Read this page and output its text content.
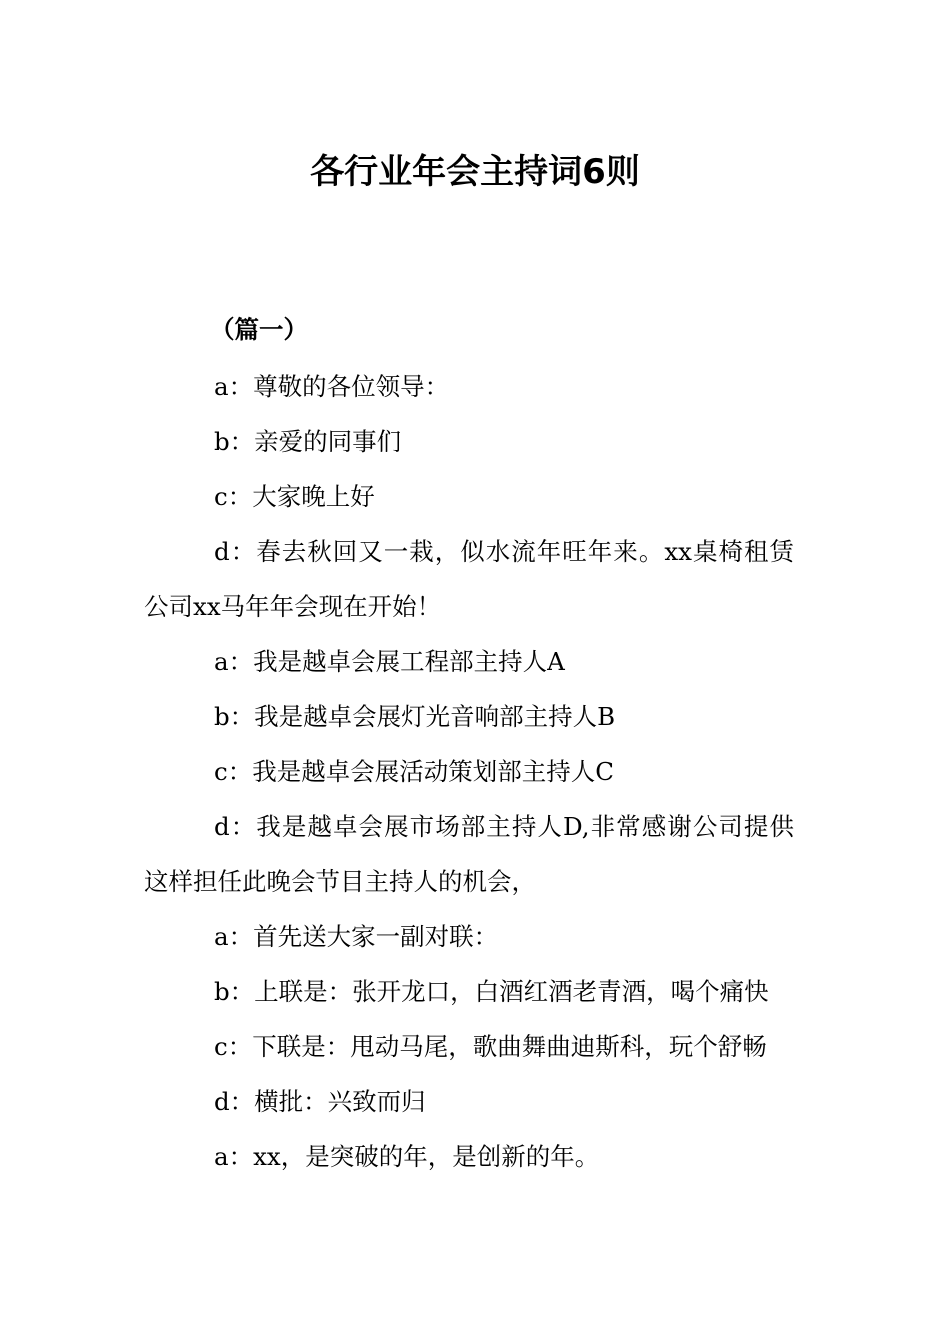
各行业年会主持词6则

（篇一）

a：尊敬的各位领导：

b：亲爱的同事们

c：大家晚上好

d：春去秋回又一栽，似水流年旺年来。xx桌椅租赁公司xx马年年会现在开始！

a：我是越卓会展工程部主持人A

b：我是越卓会展灯光音响部主持人B

c：我是越卓会展活动策划部主持人C

d：我是越卓会展市场部主持人D,非常感谢公司提供这样担任此晚会节目主持人的机会，

a：首先送大家一副对联：

b：上联是：张开龙口，白酒红酒老青酒，喝个痛快

c：下联是：甩动马尾，歌曲舞曲迪斯科，玩个舒畅

d：横批：兴致而归

a：xx，是突破的年，是创新的年。
